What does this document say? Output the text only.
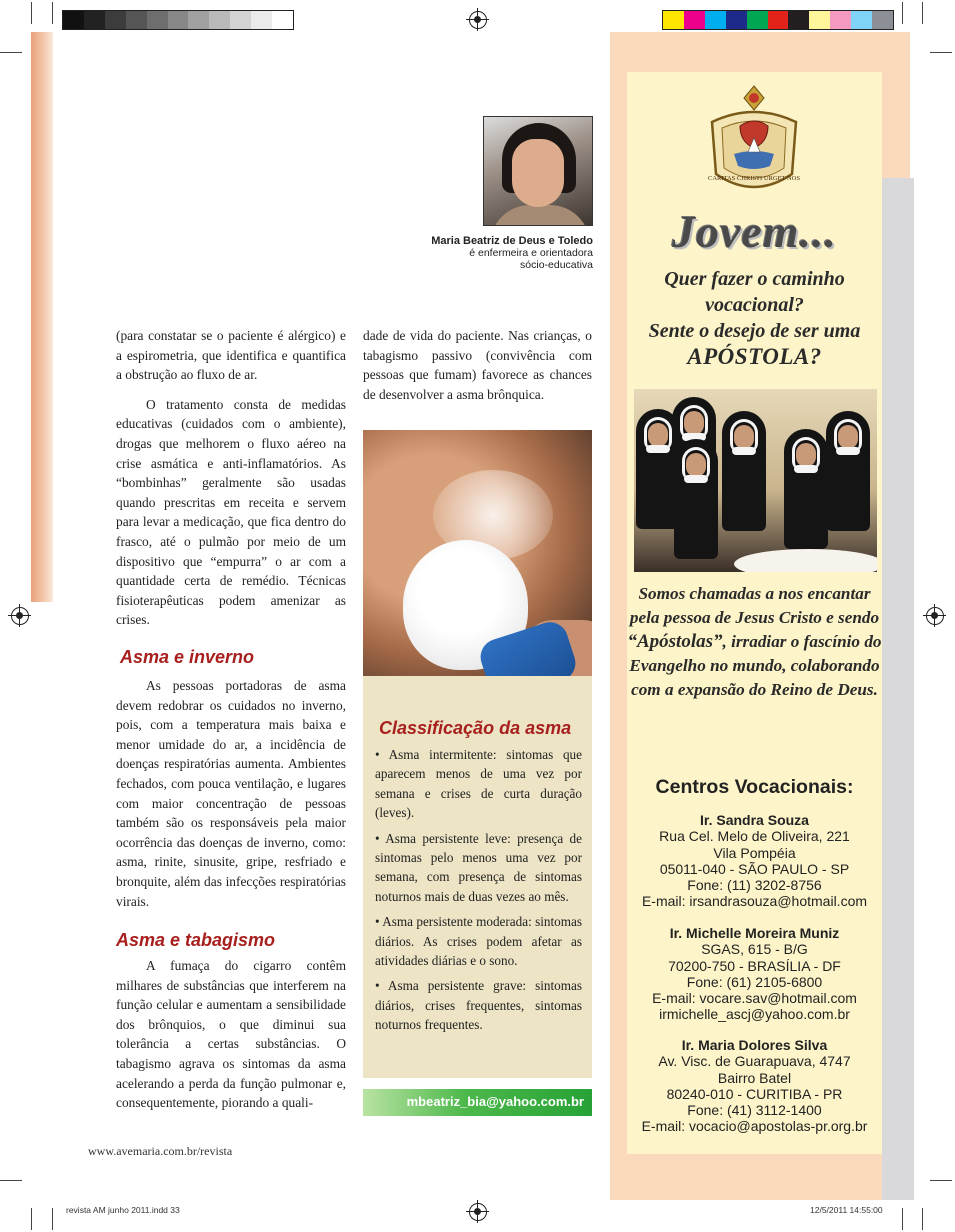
Maria Beatriz de Deus e Toledo
é enfermeira e orientadora
sócio-educativa

(para constatar se o paciente é alérgico) e a espirometria, que identifica e quantifica a obstrução ao fluxo de ar.

O tratamento consta de medidas educativas (cuidados com o ambiente), drogas que melhorem o fluxo aéreo na crise asmática e anti-inflamatórios. As “bombinhas” geralmente são usadas quando prescritas em receita e servem para levar a medicação, que fica dentro do frasco, até o pulmão por meio de um dispositivo que “empurra” o ar com a quantidade certa de remédio. Técnicas fisioterapêuticas podem amenizar as crises.

Asma e inverno

As pessoas portadoras de asma devem redobrar os cuidados no inverno, pois, com a temperatura mais baixa e menor umidade do ar, a incidência de doenças respiratórias aumenta. Ambientes fechados, com pouca ventilação, e lugares com maior concentração de pessoas também são os responsáveis pela maior ocorrência das doenças de inverno, como: asma, rinite, sinusite, gripe, resfriado e bronquite, além das infecções respiratórias virais.

Asma e tabagismo

A fumaça do cigarro contêm milhares de substâncias que interferem na função celular e aumentam a sensibilidade dos brônquios, o que diminui sua tolerância a certas substâncias. O tabagismo agrava os sintomas da asma acelerando a perda da função pulmonar e, consequentemente, piorando a quali-

dade de vida do paciente. Nas crianças, o tabagismo passivo (convivência com pessoas que fumam) favorece as chances de desenvolver a asma brônquica.

Classificação da asma
• Asma intermitente: sintomas que aparecem menos de uma vez por semana e crises de curta duração (leves).
• Asma persistente leve: presença de sintomas pelo menos uma vez por semana, com presença de sintomas noturnos mais de duas vezes ao mês.
• Asma persistente moderada: sintomas diários. As crises podem afetar as atividades diárias e o sono.
• Asma persistente grave: sintomas diários, crises frequentes, sintomas noturnos frequentes.
mbeatriz_bia@yahoo.com.br
www.avemaria.com.br/revista
revista AM junho 2011.indd 33	12/5/2011 14:55:00
CARITAS CHRISTI URGET NOS
Jovem...
Quer fazer o caminho vocacional?
Sente o desejo de ser uma
APÓSTOLA?
Somos chamadas a nos encantar pela pessoa de Jesus Cristo e sendo “Apóstolas”, irradiar o fascínio do Evangelho no mundo, colaborando com a expansão do Reino de Deus.
Centros Vocacionais:
Ir. Sandra Souza
Rua Cel. Melo de Oliveira, 221
Vila Pompéia
05011-040 - SÃO PAULO - SP
Fone: (11) 3202-8756
E-mail: irsandrasouza@hotmail.com
Ir. Michelle Moreira Muniz
SGAS, 615 - B/G
70200-750 - BRASÍLIA - DF
Fone: (61) 2105-6800
E-mail: vocare.sav@hotmail.com
irmichelle_ascj@yahoo.com.br
Ir. Maria Dolores Silva
Av. Visc. de Guarapuava, 4747
Bairro Batel
80240-010 - CURITIBA - PR
Fone: (41) 3112-1400
E-mail: vocacio@apostolas-pr.org.br
